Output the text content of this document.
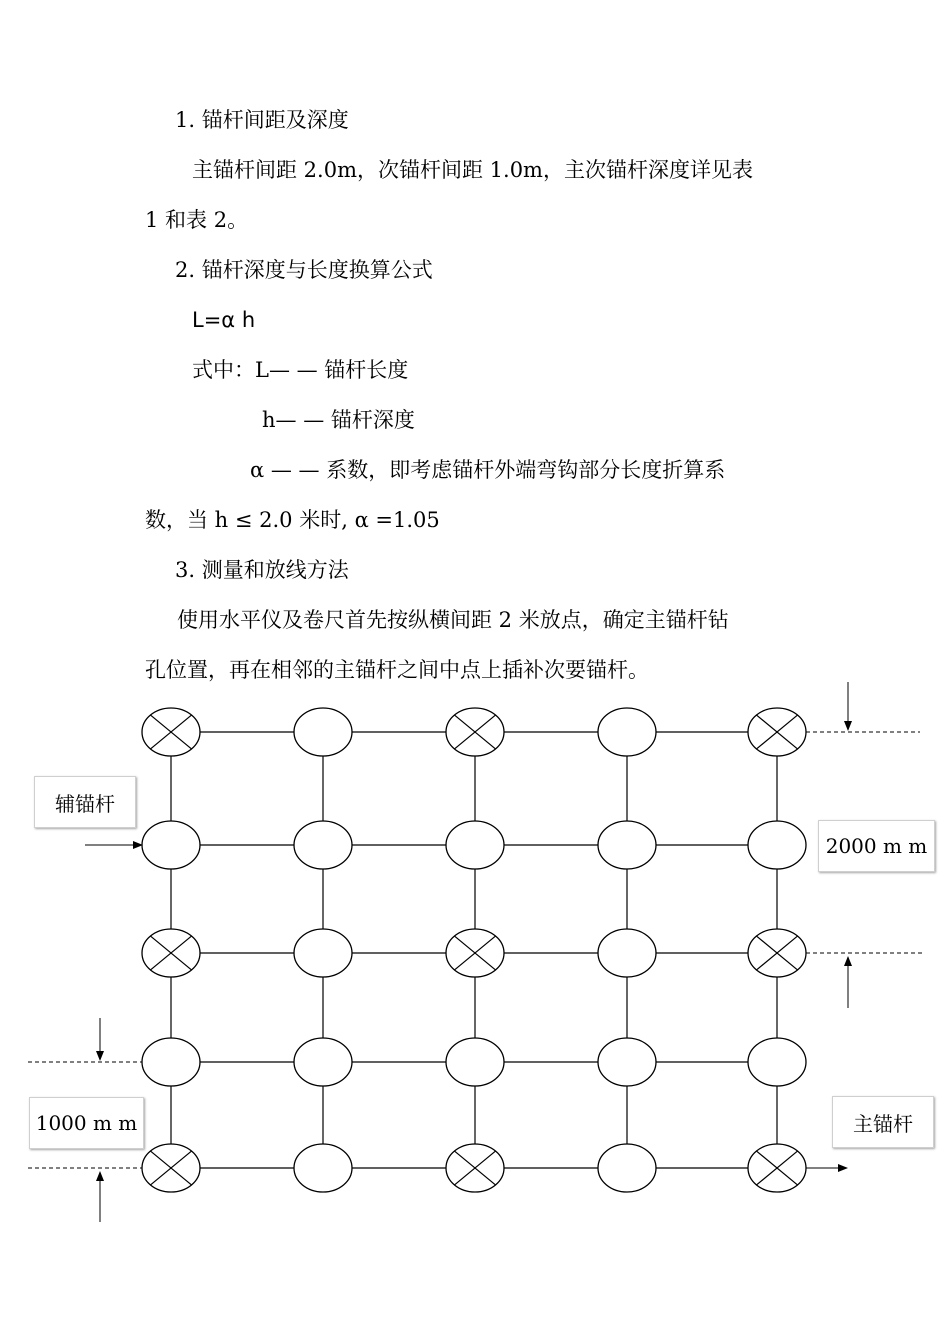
1. 锚杆间距及深度
主锚杆间距 2.0m，次锚杆间距 1.0m，主次锚杆深度详见表
1 和表 2。
2. 锚杆深度与长度换算公式
L=α h
式中：L— — 锚杆长度
h— — 锚杆深度
α — — 系数，即考虑锚杆外端弯钩部分长度折算系
数，当 h ≤ 2.0 米时, α =1.05
3. 测量和放线方法
使用水平仪及卷尺首先按纵横间距 2 米放点，确定主锚杆钻
孔位置，再在相邻的主锚杆之间中点上插补次要锚杆。
辅锚杆
2000 m m
1000 m m	主锚杆
